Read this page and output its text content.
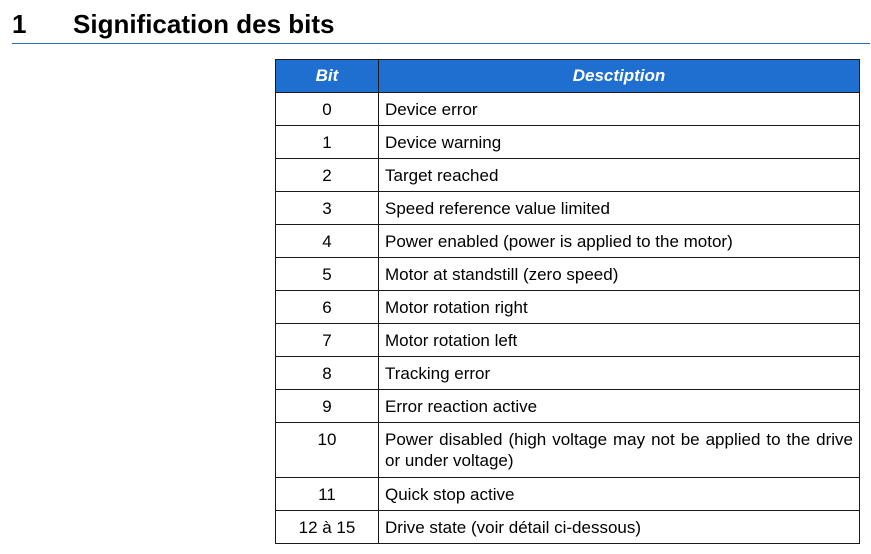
1 Signification des bits
Bit	Desctiption
0	Device error
1	Device warning
2	Target reached
3	Speed reference value limited
4	Power enabled (power is applied to the motor)
5	Motor at standstill (zero speed)
6	Motor rotation right
7	Motor rotation left
8	Tracking error
9	Error reaction active
10	Power disabled (high voltage may not be applied to the drive or under voltage)
11	Quick stop active
12 à 15	Drive state (voir détail ci-dessous)
